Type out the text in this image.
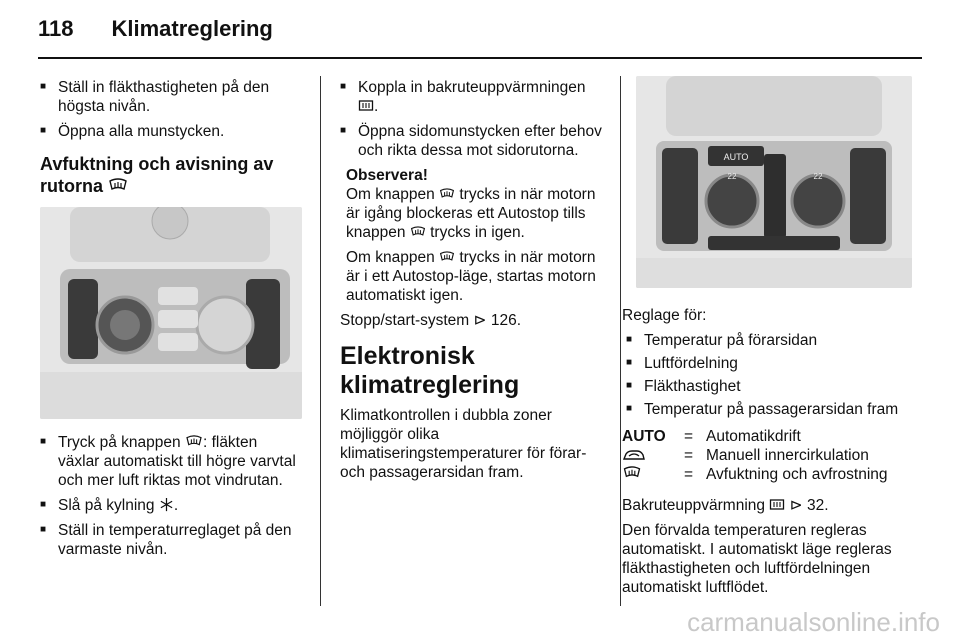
118 Klimatreglering
■ Ställ in fläkthastigheten på den högsta nivån.
■ Öppna alla munstycken.
Avfuktning och avisning av rutorna
■ Tryck på knappen : fläkten växlar automatiskt till högre varvtal och mer luft riktas mot vindrutan.
■ Slå på kylning .
■ Ställ in temperaturreglaget på den varmaste nivån.
■ Koppla in bakruteuppvärmningen .
■ Öppna sidomunstycken efter behov och rikta dessa mot sidorutorna.
Observera!

Om knappen trycks in när motorn är igång blockeras ett Autostop tills knappen trycks in igen.

Om knappen trycks in när motorn är i ett Autostop-läge, startas motorn automatiskt igen.

Stopp/start-system ⊳ 126.

Elektronisk klimatreglering

Klimatkontrollen i dubbla zoner möjliggör olika klimatiseringstemperaturer för förar- och passagerarsidan fram.

AUTO
22	22

Reglage för:

■ Temperatur på förarsidan
■ Luftfördelning
■ Fläkthastighet
■ Temperatur på passagerarsidan fram
AUTO	=	Automatikdrift
	=	Manuell innercirkulation
	=	Avfuktning och avfrostning

Bakruteuppvärmning ⊳ 32.

Den förvalda temperaturen regleras automatiskt. I automatiskt läge regleras fläkthastigheten och luftfördelningen automatiskt luftflödet.

carmanualsonline.info
